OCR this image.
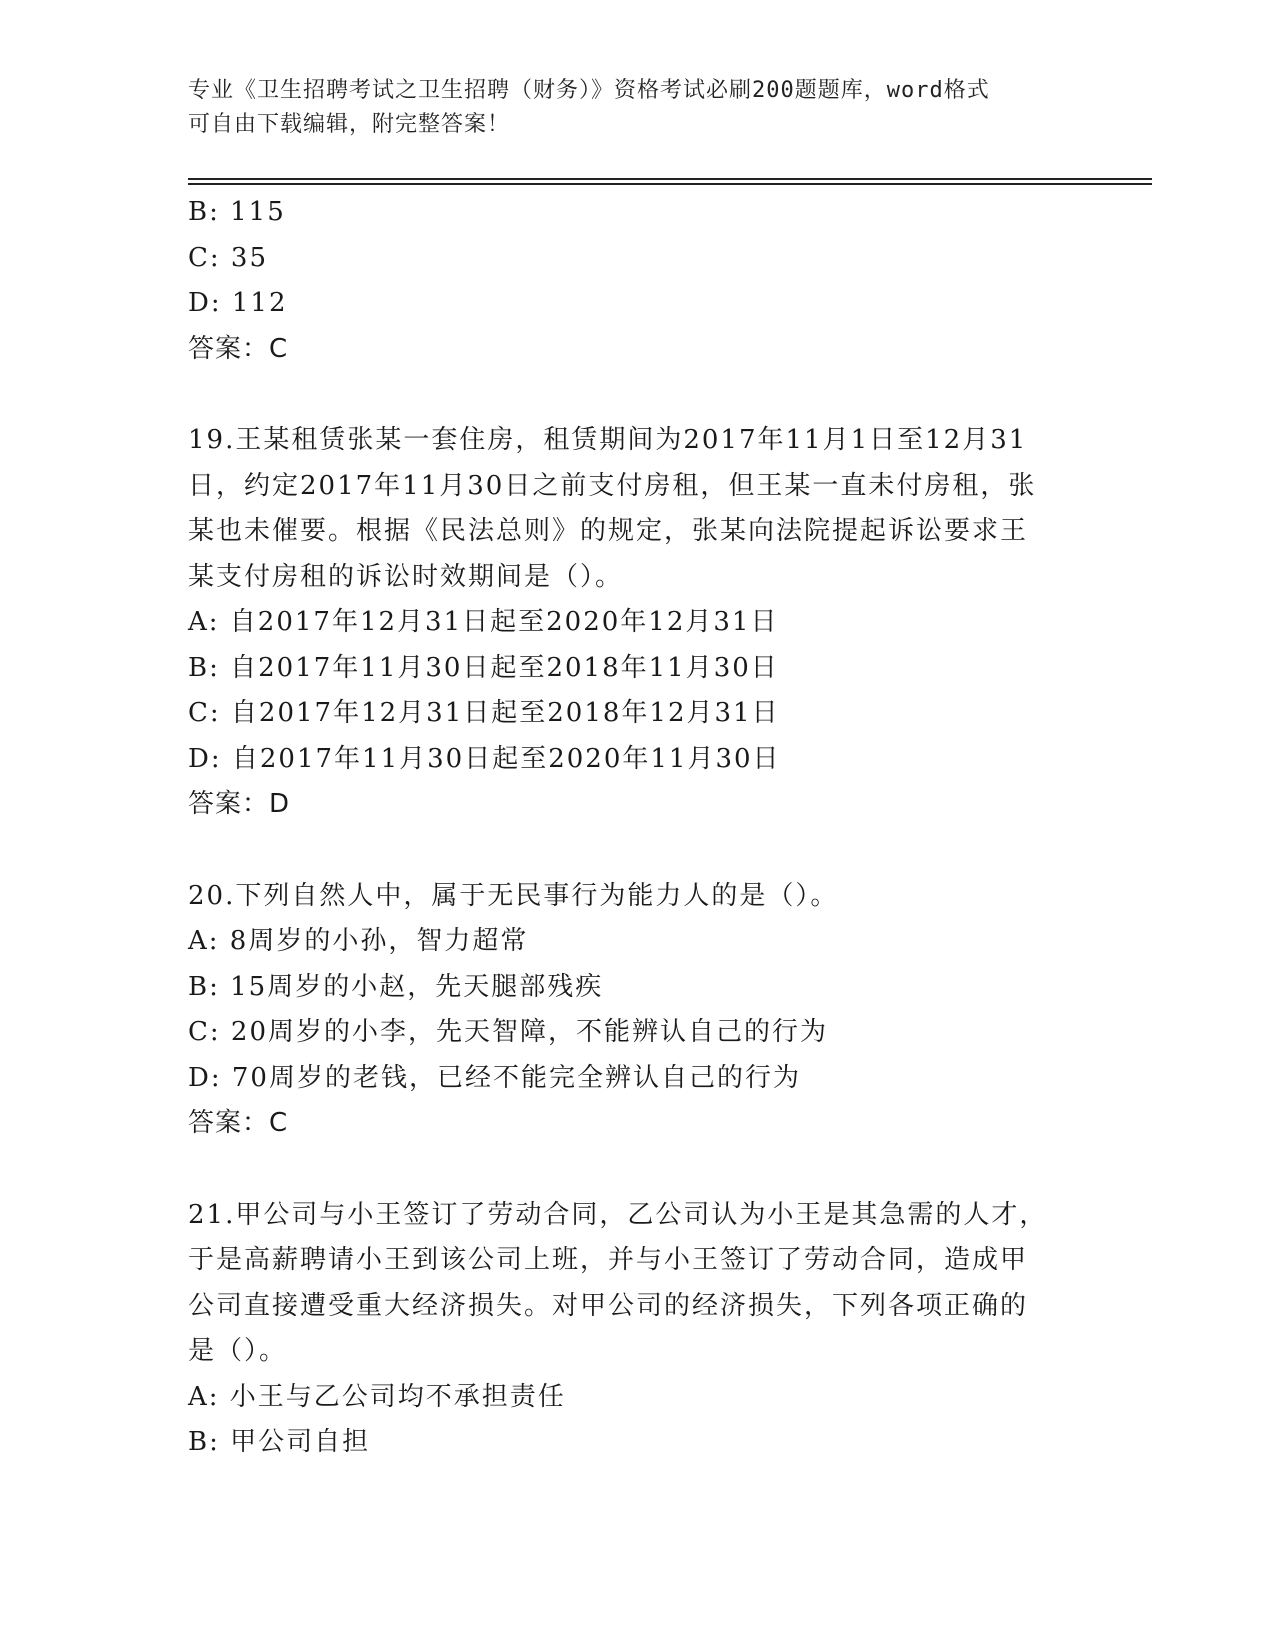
专业《卫生招聘考试之卫生招聘（财务）》资格考试必刷200题题库，word格式
可自由下载编辑，附完整答案！

B: 115

C: 35

D: 112

答案：C

19.王某租赁张某一套住房，租赁期间为2017年11月1日至12月31

日，约定2017年11月30日之前支付房租，但王某一直未付房租，张

某也未催要。根据《民法总则》的规定，张某向法院提起诉讼要求王

某支付房租的诉讼时效期间是（）。

A: 自2017年12月31日起至2020年12月31日

B: 自2017年11月30日起至2018年11月30日

C: 自2017年12月31日起至2018年12月31日

D: 自2017年11月30日起至2020年11月30日

答案：D

20.下列自然人中，属于无民事行为能力人的是（）。

A: 8周岁的小孙，智力超常

B: 15周岁的小赵，先天腿部残疾

C: 20周岁的小李，先天智障，不能辨认自己的行为

D: 70周岁的老钱，已经不能完全辨认自己的行为

答案：C

21.甲公司与小王签订了劳动合同，乙公司认为小王是其急需的人才，

于是高薪聘请小王到该公司上班，并与小王签订了劳动合同，造成甲

公司直接遭受重大经济损失。对甲公司的经济损失，下列各项正确的

是（）。

A: 小王与乙公司均不承担责任

B: 甲公司自担
